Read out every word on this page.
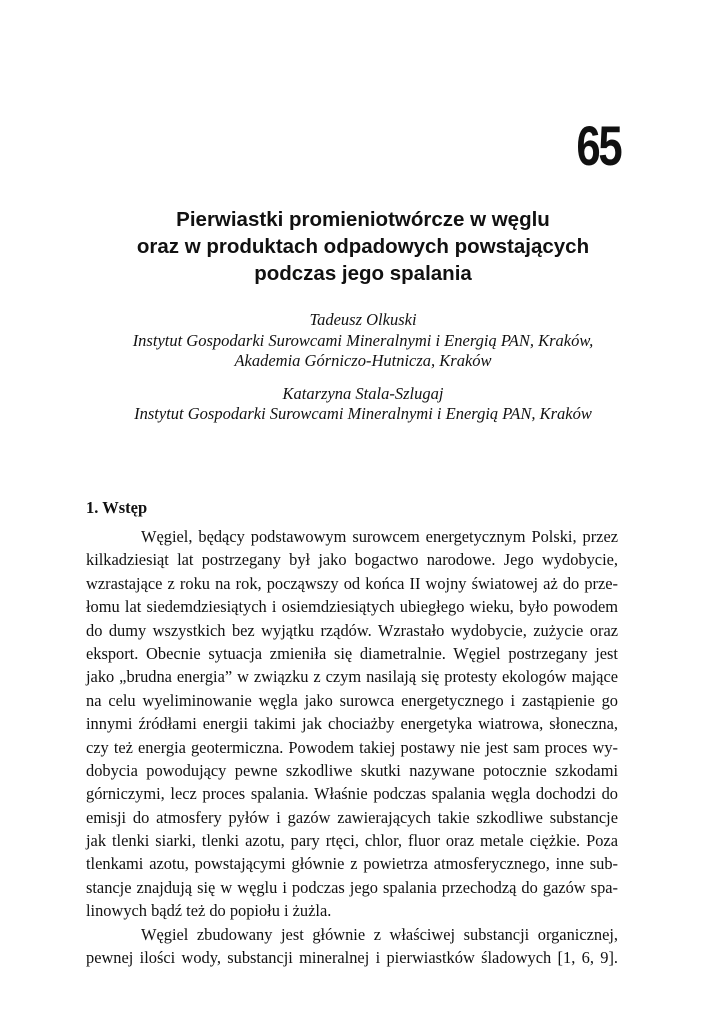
65
Pierwiastki promieniotwórcze w węglu
oraz w produktach odpadowych powstających
podczas jego spalania
Tadeusz Olkuski
Instytut Gospodarki Surowcami Mineralnymi i Energią PAN, Kraków,
Akademia Górniczo-Hutnicza, Kraków
Katarzyna Stala-Szlugaj
Instytut Gospodarki Surowcami Mineralnymi i Energią PAN, Kraków
1. Wstęp
Węgiel, będący podstawowym surowcem energetycznym Polski, przez
kilkadziesiąt lat postrzegany był jako bogactwo narodowe. Jego wydobycie,
wzrastające z roku na rok, począwszy od końca II wojny światowej aż do prze-
łomu lat siedemdziesiątych i osiemdziesiątych ubiegłego wieku, było powodem
do dumy wszystkich bez wyjątku rządów. Wzrastało wydobycie, zużycie oraz
eksport. Obecnie sytuacja zmieniła się diametralnie. Węgiel postrzegany jest
jako „brudna energia” w związku z czym nasilają się protesty ekologów mające
na celu wyeliminowanie węgla jako surowca energetycznego i zastąpienie go
innymi źródłami energii takimi jak chociażby energetyka wiatrowa, słoneczna,
czy też energia geotermiczna. Powodem takiej postawy nie jest sam proces wy-
dobycia powodujący pewne szkodliwe skutki nazywane potocznie szkodami
górniczymi, lecz proces spalania. Właśnie podczas spalania węgla dochodzi do
emisji do atmosfery pyłów i gazów zawierających takie szkodliwe substancje
jak tlenki siarki, tlenki azotu, pary rtęci, chlor, fluor oraz metale ciężkie. Poza
tlenkami azotu, powstającymi głównie z powietrza atmosferycznego, inne sub-
stancje znajdują się w węglu i podczas jego spalania przechodzą do gazów spa-
linowych bądź też do popiołu i żużla.
Węgiel zbudowany jest głównie z właściwej substancji organicznej,
pewnej ilości wody, substancji mineralnej i pierwiastków śladowych [1, 6, 9].
